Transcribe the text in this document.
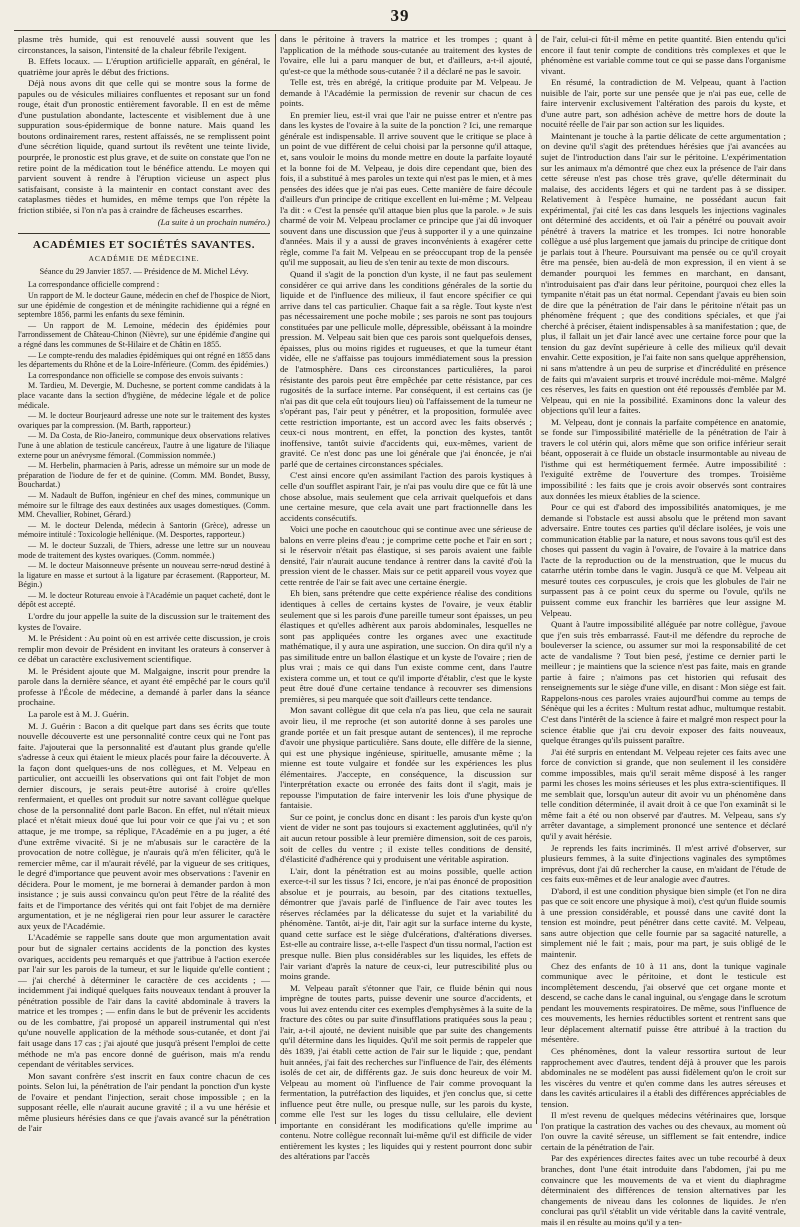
39

plasme très humide, qui est renouvelé aussi souvent que les circonstances, la saison, l'intensité de la chaleur fébrile l'exigent.

B. Effets locaux. — L'éruption artificielle apparaît, en général, le quatrième jour après le début des frictions.

Déjà nous avons dit que celle qui se montre sous la forme de papules ou de vésicules miliaires confluentes et reposant sur un fond rouge, était d'un pronostic entièrement favorable. Il en est de même d'une pustulation abondante, lactescente et visiblement due à une suppuration sous-épidermique de bonne nature. Mais quand les boutons ordinairement rares, restent affaissés, ne se remplissent point d'une sécrétion liquide, quand surtout ils revêtent une teinte livide, pourprée, le pronostic est plus grave, et de suite on constate que l'on ne retire point de la médication tout le bénéfice attendu. Le moyen qui parvient souvent à rendre à l'éruption vicieuse un aspect plus satisfaisant, consiste à la maintenir en contact constant avec des cataplasmes tièdes et humides, en même temps que l'on répète la friction stibiée, si l'on n'a pas à craindre de fâcheuses escarrhes.

(La suite à un prochain numéro.)
ACADÉMIES ET SOCIÉTÉS SAVANTES.
ACADÉMIE DE MÉDECINE.
Séance du 29 Janvier 1857. — Présidence de M. Michel Lévy.

La correspondance officielle comprend :

Un rapport de M. le docteur Gaune, médecin en chef de l'hospice de Niort, sur une épidémie de congestion et de méningite rachidienne qui a régné en septembre 1856, parmi les enfants du sexe féminin.

— Un rapport de M. Lemoine, médecin des épidémies pour l'arrondissement de Château-Chinon (Nièvre), sur une épidémie d'angine qui a régné dans les communes de St-Hilaire et de Châtin en 1855.

— Le compte-rendu des maladies épidémiques qui ont régné en 1855 dans les départements du Rhône et de la Loire-Inférieure. (Comm. des épidémies.)

La correspondance non officielle se compose des envois suivants :

M. Tardieu, M. Devergie, M. Duchesne, se portent comme candidats à la place vacante dans la section d'hygiène, de médecine légale et de police médicale.

— M. le docteur Bourjeaurd adresse une note sur le traitement des kystes ovariques par la compression. (M. Barth, rapporteur.)

— M. Da Costa, de Rio-Janeiro, communique deux observations relatives l'une à une ablation de testicule cancéreux, l'autre à une ligature de l'iliaque externe pour un anévrysme fémoral. (Commission nommée.)

— M. Herbelin, pharmacien à Paris, adresse un mémoire sur un mode de préparation de l'iodure de fer et de quinine. (Comm. MM. Bondet, Bussy, Bouchardat.)

— M. Nadault de Buffon, ingénieur en chef des mines, communique un mémoire sur le filtrage des eaux destinées aux usages domestiques. (Comm. MM. Chevallier, Robinet, Gérard.)

— M. le docteur Delenda, médecin à Santorin (Grèce), adresse un mémoire intitulé : Toxicologie hellénique. (M. Desportes, rapporteur.)

— M. le docteur Suzzali, de Thiers, adresse une lettre sur un nouveau mode de traitement des kystes ovariques. (Comm. nommée.)

— M. le docteur Maisonneuve présente un nouveau serre-nœud destiné à la ligature en masse et surtout à la ligature par écrasement. (Rapporteur, M. Bégin.)

— M. le docteur Rotureau envoie à l'Académie un paquet cacheté, dont le dépôt est accepté.

L'ordre du jour appelle la suite de la discussion sur le traitement des kystes de l'ovaire.

M. le Président : Au point où en est arrivée cette discussion, je crois remplir mon devoir de Président en invitant les orateurs à conserver à ce débat un caractère exclusivement scientifique.

M. le Président ajoute que M. Malgaigne, inscrit pour prendre la parole dans la dernière séance, et ayant été empêché par le cours qu'il professe à l'École de médecine, a demandé à parler dans la séance prochaine.

La parole est à M. J. Guérin.

M. J. Guérin : Bacon a dit quelque part dans ses écrits que toute nouvelle découverte est une personnalité contre ceux qui ne l'ont pas faite. J'ajouterai que la personnalité est d'autant plus grande qu'elle s'adresse à ceux qui étaient le mieux placés pour faire la découverte. À la façon dont quelques-uns de nos collègues, et M. Velpeau en particulier, ont accueilli les observations qui ont fait l'objet de mon dernier discours, je serais peut-être autorisé à croire qu'elles renfermaient, et quelles ont produit sur notre savant collègue quelque chose de la personnalité dont parle Bacon. En effet, nul n'était mieux placé et n'était mieux doué que lui pour voir ce que j'ai vu ; et son attaque, je me trompe, sa réplique, l'Académie en a pu juger, a été d'une extrême vivacité. Si je ne m'abusais sur le caractère de la provocation de notre collègue, je n'aurais qu'à m'en féliciter, qu'à le remercier même, car il m'aurait révélé, par la vigueur de ses critiques, le degré d'importance que peuvent avoir mes observations : l'avenir en décidera. Pour le moment, je me bornerai à demander pardon à mon insistance ; je suis aussi convaincu qu'on peut l'être de la réalité des faits et de l'importance des vérités qui ont fait l'objet de ma dernière argumentation, et je ne négligerai rien pour leur assurer le caractère aux yeux de l'Académie.

L'Académie se rappelle sans doute que mon argumentation avait pour but de signaler certains accidents de la ponction des kystes ovariques, accidents peu remarqués et que j'attribue à l'action exercée par l'air sur les parois de la tumeur, et sur le liquide qu'elle contient ; — j'ai cherché à déterminer le caractère de ces accidents ; — incidemment j'ai indiqué quelques faits nouveaux tendant à prouver la pénétration possible de l'air dans la cavité abdominale à travers la matrice et les trompes ; — enfin dans le but de prévenir les accidents ou de les combattre, j'ai proposé un appareil instrumental qui n'est qu'une nouvelle application de la méthode sous-cutanée, et dont j'ai fait usage dans 17 cas ; j'ai ajouté que jusqu'à présent l'emploi de cette méthode ne m'a pas encore donné de guérison, mais m'a rendu cependant de véritables services.

Mon savant confrère s'est inscrit en faux contre chacun de ces points. Selon lui, la pénétration de l'air pendant la ponction d'un kyste de l'ovaire et pendant l'injection, serait chose impossible ; en la supposant réelle, elle n'aurait aucune gravité ; il a vu une hérésie et même plusieurs hérésies dans ce que j'avais avancé sur la pénétration de l'air

dans le péritoine à travers la matrice et les trompes ; quant à l'application de la méthode sous-cutanée au traitement des kystes de l'ovaire, elle lui a paru manquer de but, et d'ailleurs, a-t-il ajouté, qu'est-ce que la méthode sous-cutanée ? il a déclaré ne pas le savoir.

Telle est, très en abrégé, la critique produite par M. Velpeau. Je demande à l'Académie la permission de revenir sur chacun de ces points.

En premier lieu, est-il vrai que l'air ne puisse entrer et n'entre pas dans les kystes de l'ovaire à la suite de la ponction ? Ici, une remarque générale est indispensable. Il arrive souvent que le critique se place à un point de vue différent de celui choisi par la personne qu'il attaque, et, sans vouloir le moins du monde mettre en doute la parfaite loyauté et la bonne foi de M. Velpeau, je dois dire cependant que, bien des fois, il a substitué à mes paroles un texte qui n'est pas le mien, et à mes pensées des idées que je n'ai pas eues. Cette manière de faire découle d'ailleurs d'un principe de critique excellent en lui-même ; M. Velpeau l'a dit : « C'est la pensée qu'il attaque bien plus que la parole. » Je suis charmé de voir M. Velpeau proclamer ce principe que j'ai dû invoquer souvent dans une discussion que j'eus à supporter il y a une quinzaine d'années. Mais il y a aussi de graves inconvénients à exagérer cette règle, comme l'a fait M. Velpeau en se préoccupant trop de la pensée qu'il me supposait, au lieu de s'en tenir au texte de mon discours.

Quand il s'agit de la ponction d'un kyste, il ne faut pas seulement considérer ce qui arrive dans les conditions générales de la sortie du liquide et de l'influence des milieux, il faut encore spécifier ce qui arrive dans tel cas particulier. Chaque fait a sa règle. Tout kyste n'est pas nécessairement une poche mobile ; ses parois ne sont pas toujours constituées par une pellicule molle, dépressible, obéissant à la moindre pression. M. Velpeau sait bien que ces parois sont quelquefois denses, épaisses, plus ou moins rigides et rugueuses, et que la tumeur étant vidée, elle ne s'affaisse pas toujours immédiatement sous la pression de l'atmosphère. Dans ces circonstances particulières, la paroi résistante des parois peut être empêchée par cette résistance, par ces rugosités de la surface interne. Par conséquent, il est certains cas (je n'ai pas dit que cela eût toujours lieu) où l'affaissement de la tumeur ne s'opérant pas, l'air peut y pénétrer, et la proposition, formulée avec cette restriction importante, est un accord avec les faits observés ; ceux-ci nous montrent, en effet, la ponction des kystes, tantôt inoffensive, tantôt suivie d'accidents qui, eux-mêmes, varient de gravité. Ce n'est donc pas une loi générale que j'ai énoncée, je n'ai parlé que de certaines circonstances spéciales.

C'est ainsi encore qu'en assimilant l'action des parois kystiques à celle d'un soufflet aspirant l'air, je n'ai pas voulu dire que ce fût là une chose absolue, mais seulement que cela arrivait quelquefois et dans une certaine mesure, que cela avait une part fractionnelle dans les accidents consécutifs.

Voici une poche en caoutchouc qui se continue avec une sérieuse de balons en verre pleins d'eau ; je comprime cette poche et l'air en sort ; si le réservoir n'était pas élastique, si ses parois avaient une faible densité, l'air n'aurait aucune tendance à rentrer dans la cavité d'où la pression vient de le chasser. Mais sur ce petit appareil vous voyez que cette rentrée de l'air se fait avec une certaine énergie.

Eh bien, sans prétendre que cette expérience réalise des conditions identiques à celles de certains kystes de l'ovaire, je veux établir seulement que si les parois d'une pareille tumeur sont épaisses, un peu élastiques et qu'elles adhèrent aux parois abdominales, lesquelles ne sont pas appliquées contre les organes avec une exactitude mathématique, il y aura une aspiration, une succion. On dira qu'il n'y a pas similitude entre un ballon élastique et un kyste de l'ovaire ; rien de plus vrai ; mais ce qui dans l'un existe comme cent, dans l'autre existera comme un, et tout ce qu'il importe d'établir, c'est que le kyste peut être doué d'une certaine tendance à recouvrer ses dimensions premières, si peu marquée que soit d'ailleurs cette tendance.

Mon savant collègue dit que cela n'a pas lieu, que cela ne saurait avoir lieu, il me reproche (et son autorité donne à ses paroles une grande portée et un fait presque autant de sentences), il me reproche d'avoir une physique particulière. Sans doute, elle diffère de la sienne, qui est une physique ingénieuse, spirituelle, amusante même ; la mienne est toute vulgaire et fondée sur les expériences les plus élémentaires. J'accepte, en conséquence, la discussion sur l'interprétation exacte ou erronée des faits dont il s'agit, mais je repousse l'imputation de faire intervenir les lois d'une physique de fantaisie.

Sur ce point, je conclus donc en disant : les parois d'un kyste qu'on vient de vider ne sont pas toujours si exactement agglutinées, qu'il n'y ait aucun retour possible à leur première dimension, soit de ces parois, soit de celles du ventre ; il existe telles conditions de densité, d'élasticité d'adhérence qui y produisent une véritable aspiration.

L'air, dont la pénétration est au moins possible, quelle action exerce-t-il sur les tissus ? Ici, encore, je n'ai pas énoncé de proposition absolue et je pourrais, au besoin, par des citations textuelles, démontrer que j'avais parlé de l'influence de l'air avec toutes les réserves réclamées par la délicatesse du sujet et la variabilité du phénomène. Tantôt, ai-je dit, l'air agit sur la surface interne du kyste, quand cette surface est le siège d'ulcérations, d'altérations diverses. Est-elle au contraire lisse, a-t-elle l'aspect d'un tissu normal, l'action est presque nulle. Bien plus considérables sur les liquides, les effets de l'air variant d'après la nature de ceux-ci, leur putrescibilité plus ou moins grande.

M. Velpeau paraît s'étonner que l'air, ce fluide bénin qui nous imprègne de toutes parts, puisse devenir une source d'accidents, et vous lui avez entendu citer ces exemples d'emphysèmes à la suite de la fracture des côtes ou par suite d'insufflations pratiquées sous la peau ; l'air, a-t-il ajouté, ne devient nuisible que par suite des changements qu'il détermine dans les liquides. Qu'il me soit permis de rappeler que dès 1839, j'ai établi cette action de l'air sur le liquide ; que, pendant huit années, j'ai fait des recherches sur l'influence de l'air, des éléments isolés de cet air, de différents gaz. Je suis donc heureux de voir M. Velpeau au moment où l'influence de l'air comme provoquant la fermentation, la putréfaction des liquides, et j'en conclus que, si cette influence peut être nulle, ou presque nulle, sur les parois du kyste, comme elle l'est sur les loges du tissu cellulaire, elle devient importante en considérant les modifications qu'elle imprime au contenu. Notre collègue reconnaît lui-même qu'il est difficile de vider entièrement les kystes ; les liquides qui y restent pourront donc subir des altérations par l'accès

de l'air, celui-ci fût-il même en petite quantité. Bien entendu qu'ici encore il faut tenir compte de conditions très complexes et que le phénomène est variable comme tout ce qui se passe dans l'organisme vivant.

En résumé, la contradiction de M. Velpeau, quant à l'action nuisible de l'air, porte sur une pensée que je n'ai pas eue, celle de faire intervenir exclusivement l'altération des parois du kyste, et d'une autre part, son adhésion achève de mettre hors de doute la nocuité réelle de l'air par son action sur les liquides.

Maintenant je touche à la partie délicate de cette argumentation ; on devine qu'il s'agit des prétendues hérésies que j'ai avancées au sujet de l'introduction dans l'air sur le péritoine. L'expérimentation sur les animaux m'a démontré que chez eux la présence de l'air dans cette séreuse n'est pas chose très grave, qu'elle déterminait du malaise, des accidents légers et qui ne tardent pas à se dissiper. Relativement à l'espèce humaine, ne possédant aucun fait expérimental, j'ai cité les cas dans lesquels les injections vaginales ont déterminé des accidents, et où l'air a pénétré ou pouvait avoir pénétré à travers la matrice et les trompes. Ici notre honorable collègue a usé plus largement que jamais du principe de critique dont je parlais tout à l'heure. Poursuivant ma pensée ou ce qu'il croyait être ma pensée, bien au-delà de mon expression, il en vient à se demander pourquoi les femmes en marchant, en dansant, n'introduisaient pas d'air dans leur péritoine, pourquoi chez elles la tympanite n'était pas un état normal. Cependant j'avais eu bien soin de dire que la pénétration de l'air dans le péritoine n'était pas un phénomène fréquent ; que des conditions spéciales, et que j'ai cherché à préciser, étaient indispensables à sa manifestation ; que, de plus, il fallait un jet d'air lancé avec une certaine force pour que la tension du gaz devînt supérieure à celle des milieux qu'il devait envahir. Cette exposition, je l'ai faite non sans quelque appréhension, ni sans m'attendre à un peu de surprise et d'incrédulité en présence de faits qui m'avaient surpris et trouvé incrédule moi-même. Malgré ces réserves, les faits en question ont été repoussés d'emblée par M. Velpeau, qui en nie la possibilité. Examinons donc la valeur des objections qu'il leur a faites.

M. Velpeau, dont je connais la parfaite compétence en anatomie, se fonde sur l'impossibilité matérielle de la pénétration de l'air à travers le col utérin qui, alors même que son orifice inférieur serait béant, opposerait à ce fluide un obstacle insurmontable au niveau de l'isthme qui est hermétiquement fermée. Autre impossibilité : l'exiguïté extrême de l'ouverture des trompes. Troisième impossibilité : les faits que je crois avoir observés sont contraires aux données les mieux établies de la science.

Pour ce qui est d'abord des impossibilités anatomiques, je me demande si l'obstacle est aussi absolu que le prétend mon savant adversaire. Entre toutes ces parties qu'il déclare isolées, je vois une communication établie par la nature, et nous savons tous qu'il est des choses qui passent du vagin à l'ovaire, de l'ovaire à la matrice dans l'acte de la reproduction ou de la menstruation, que le mucus du catarrhe utérin tombe dans le vagin. Jusqu'à ce que M. Velpeau ait mesuré toutes ces corpuscules, je crois que les globules de l'air ne surpassent pas à ce point ceux du sperme ou l'ovule, qu'ils ne puissent comme eux franchir les barrières que leur assigne M. Velpeau.

Quant à l'autre impossibilité alléguée par notre collègue, j'avoue que j'en suis très embarrassé. Faut-il me défendre du reproche de bouleverser la science, ou assumer sur moi la responsabilité de cet acte de vandalisme ? Tout bien pesé, j'estime ce dernier parti le meilleur ; je maintiens que la science n'est pas faite, mais en grande partie à faire ; n'aimons pas cet historien qui refusait des renseignements sur le siège d'une ville, en disant : Mon siège est fait. Rappelons-nous ces paroles vraies aujourd'hui comme au temps de Sénèque qui les a écrites : Multum restat adhuc, multumque restabit. C'est dans l'intérêt de la science à faire et malgré mon respect pour la science établie que j'ai cru devoir exposer des faits nouveaux, quelque étranges qu'ils puissent paraître.

J'ai été surpris en entendant M. Velpeau rejeter ces faits avec une force de conviction si grande, que non seulement il les considère comme impossibles, mais qu'il serait même disposé à les ranger parmi les choses les moins sérieuses et les plus extra-scientifiques. Il me semblait que, lorsqu'un auteur dit avoir vu un phénomène dans telle condition déterminée, il avait droit à ce que l'on examinât si le même fait a été ou non observé par d'autres. M. Velpeau, sans s'y arrêter davantage, a simplement prononcé une sentence et déclaré qu'il y avait hérésie.

Je reprends les faits incriminés. Il m'est arrivé d'observer, sur plusieurs femmes, à la suite d'injections vaginales des symptômes imprévus, dont j'ai dû rechercher la cause, en m'aidant de l'étude de ces faits eux-mêmes et de leur analogie avec d'autres.

D'abord, il est une condition physique bien simple (et l'on ne dira pas que ce soit encore une physique à moi), c'est qu'un fluide soumis à une pression considérable, et poussé dans une cavité dont la tension est moindre, peut pénétrer dans cette cavité. M. Velpeau, sans autre objection que celle fournie par sa sagacité naturelle, a simplement nié le fait ; mais, pour ma part, je suis obligé de le maintenir.

Chez des enfants de 10 à 11 ans, dont la tunique vaginale communique avec le péritoine, et dont le testicule est incomplètement descendu, j'ai observé que cet organe monte et descend, se cache dans le canal inguinal, ou s'engage dans le scrotum pendant les mouvements respiratoires. De même, sous l'influence de ces mouvements, les hernies réductibles sortent et rentrent sans que leur déplacement alternatif puisse être attribué à la traction du mésentère.

Ces phénomènes, dont la valeur ressortira surtout de leur rapprochement avec d'autres, tendent déjà à prouver que les parois abdominales ne se modèlent pas aussi fidèlement qu'on le croit sur les viscères du ventre et qu'en comme dans les autres séreuses et dans les cavités articulaires il a établi des différences appréciables de tension.

Il m'est revenu de quelques médecins vétérinaires que, lorsque l'on pratique la castration des vaches ou des chevaux, au moment où l'on ouvre la cavité séreuse, un sifflement se fait entendre, indice certain de la pénétration de l'air.

Par des expériences directes faites avec un tube recourbé à deux branches, dont l'une était introduite dans l'abdomen, j'ai pu me convaincre que les mouvements de va et vient du diaphragme déterminaient des différences de tension alternatives par les changements de niveau dans les colonnes de liquides. Je n'en conclurai pas qu'il s'établit un vide véritable dans la cavité ventrale, mais il en résulte au moins qu'il y a ten-
